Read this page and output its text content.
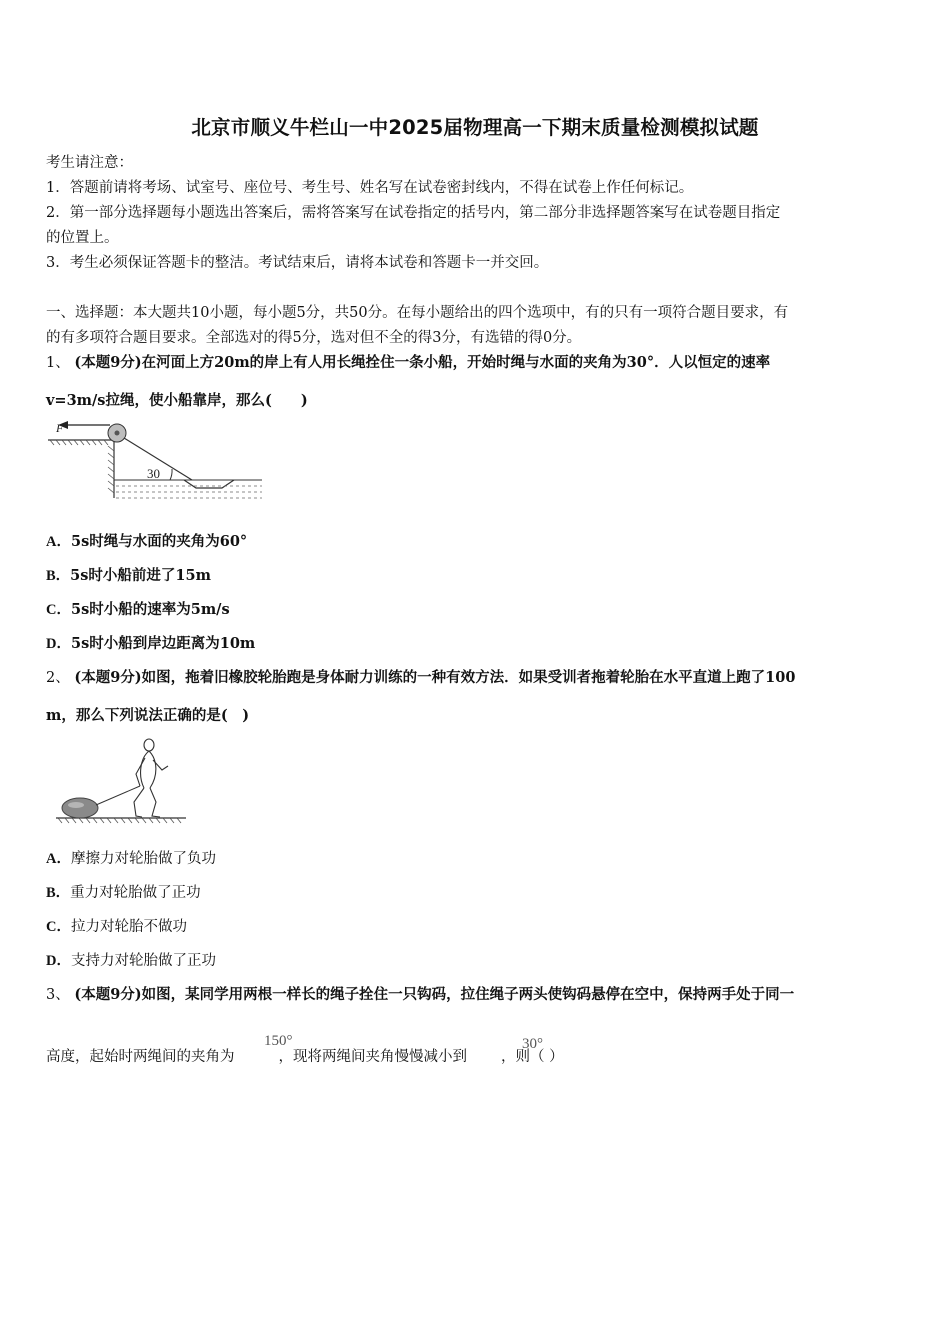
北京市顺义牛栏山一中2025届物理高一下期末质量检测模拟试题
考生请注意：
1．答题前请将考场、试室号、座位号、考生号、姓名写在试卷密封线内，不得在试卷上作任何标记。
2．第一部分选择题每小题选出答案后，需将答案写在试卷指定的括号内，第二部分非选择题答案写在试卷题目指定
的位置上。
3．考生必须保证答题卡的整洁。考试结束后，请将本试卷和答题卡一并交回。
一、选择题：本大题共10小题，每小题5分，共50分。在每小题给出的四个选项中，有的只有一项符合题目要求，有
的有多项符合题目要求。全部选对的得5分，选对但不全的得3分，有选错的得0分。
1、 (本题9分)在河面上方20m的岸上有人用长绳拴住一条小船，开始时绳与水面的夹角为30°．人以恒定的速率
v=3m/s拉绳，使小船靠岸，那么(　　)
F
30
A．5s时绳与水面的夹角为60°
B．5s时小船前进了15m
C．5s时小船的速率为5m/s
D．5s时小船到岸边距离为10m
2、 (本题9分)如图，拖着旧橡胶轮胎跑是身体耐力训练的一种有效方法．如果受训者拖着轮胎在水平直道上跑了100
m，那么下列说法正确的是(　)
A．摩擦力对轮胎做了负功
B．重力对轮胎做了正功
C．拉力对轮胎不做功
D．支持力对轮胎做了正功
3、 (本题9分)如图，某同学用两根一样长的绳子拴住一只钩码，拉住绳子两头使钩码悬停在空中，保持两手处于同一
高度，起始时两绳间的夹角为	，现将两绳间夹角慢慢减小到 ，则（ ）
150°	30°
